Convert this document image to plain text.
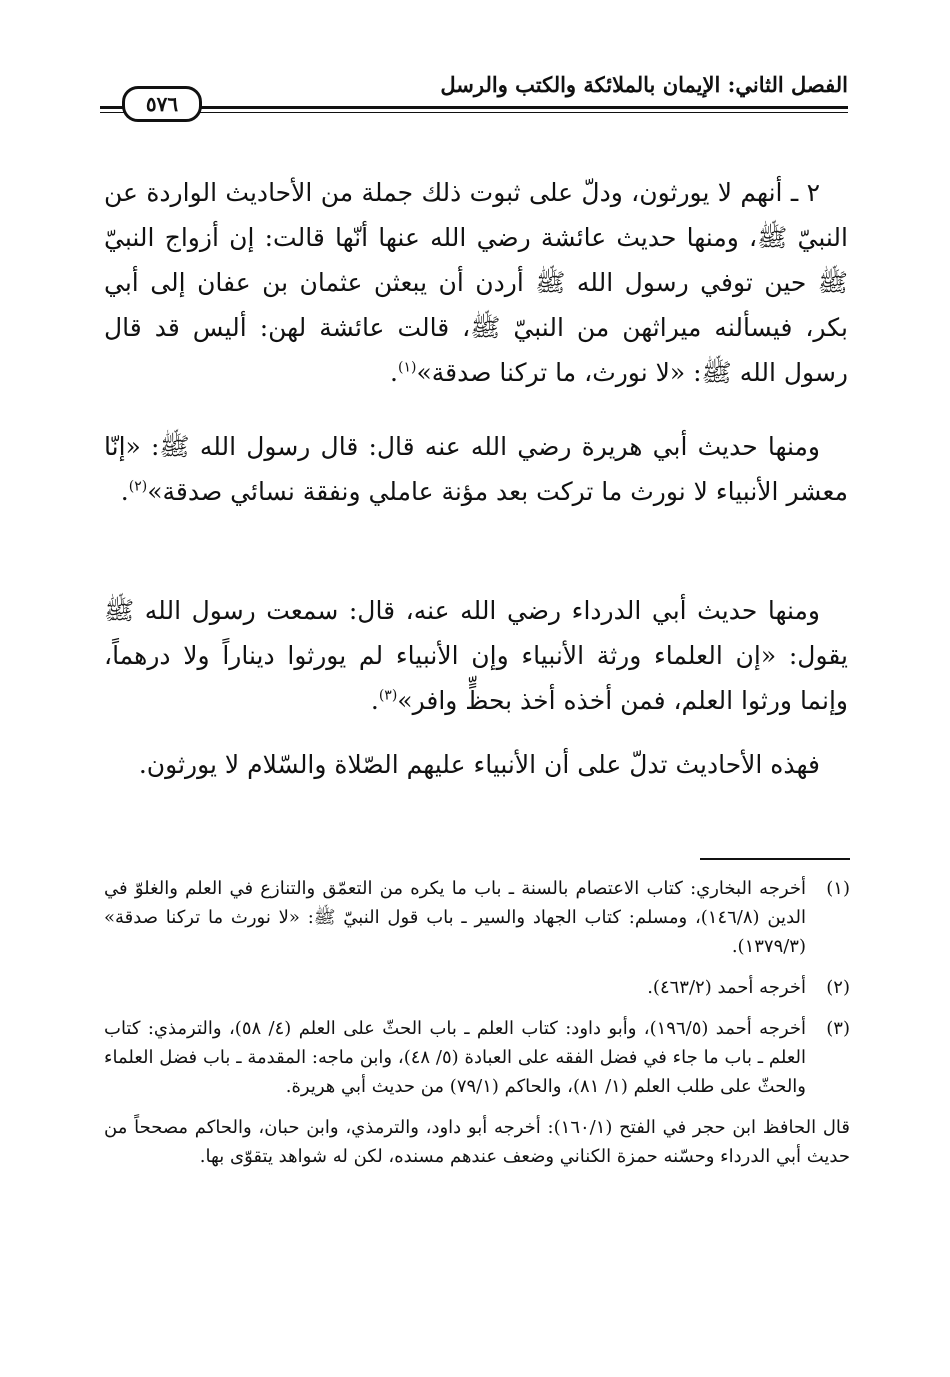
الفصل الثاني: الإيمان بالملائكة والكتب والرسل
٥٧٦
٢ ـ أنهم لا يورثون، ودلّ على ثبوت ذلك جملة من الأحاديث الواردة عن النبيّ ﷺ، ومنها حديث عائشة رضي الله عنها أنّها قالت: إن أزواج النبيّ ﷺ حين توفي رسول الله ﷺ أردن أن يبعثن عثمان بن عفان إلى أبي بكر، فيسألنه ميراثهن من النبيّ ﷺ، قالت عائشة لهن: أليس قد قال رسول الله ﷺ: «لا نورث، ما تركنا صدقة»$^{(١)}$.
ومنها حديث أبي هريرة رضي الله عنه قال: قال رسول الله ﷺ: «إنّا معشر الأنبياء لا نورث ما تركت بعد مؤنة عاملي ونفقة نسائي صدقة»$^{(٢)}$.
ومنها حديث أبي الدرداء رضي الله عنه، قال: سمعت رسول الله ﷺ يقول: «إن العلماء ورثة الأنبياء وإن الأنبياء لم يورثوا ديناراً ولا درهماً، وإنما ورثوا العلم، فمن أخذه أخذ بحظٍّ وافر»$^{(٣)}$.
فهذه الأحاديث تدلّ على أن الأنبياء عليهم الصّلاة والسّلام لا يورثون.
(١)
أخرجه البخاري: كتاب الاعتصام بالسنة ـ باب ما يكره من التعمّق والتنازع في العلم والغلوّ في الدين (١٤٦/٨)، ومسلم: كتاب الجهاد والسير ـ باب قول النبيّ ﷺ: «لا نورث ما تركنا صدقة» (١٣٧٩/٣).
(٢)
أخرجه أحمد (٤٦٣/٢).
(٣)
أخرجه أحمد (١٩٦/٥)، وأبو داود: كتاب العلم ـ باب الحثّ على العلم (٤/ ٥٨)، والترمذي: كتاب العلم ـ باب ما جاء في فضل الفقه على العبادة (٥/ ٤٨)، وابن ماجه: المقدمة ـ باب فضل العلماء والحثّ على طلب العلم (١/ ٨١)، والحاكم (٧٩/١) من حديث أبي هريرة.
قال الحافظ ابن حجر في الفتح (١٦٠/١): أخرجه أبو داود، والترمذي، وابن حبان، والحاكم مصححاً من حديث أبي الدرداء وحسّنه حمزة الكناني وضعف عندهم مسنده، لكن له شواهد يتقوّى بها.
